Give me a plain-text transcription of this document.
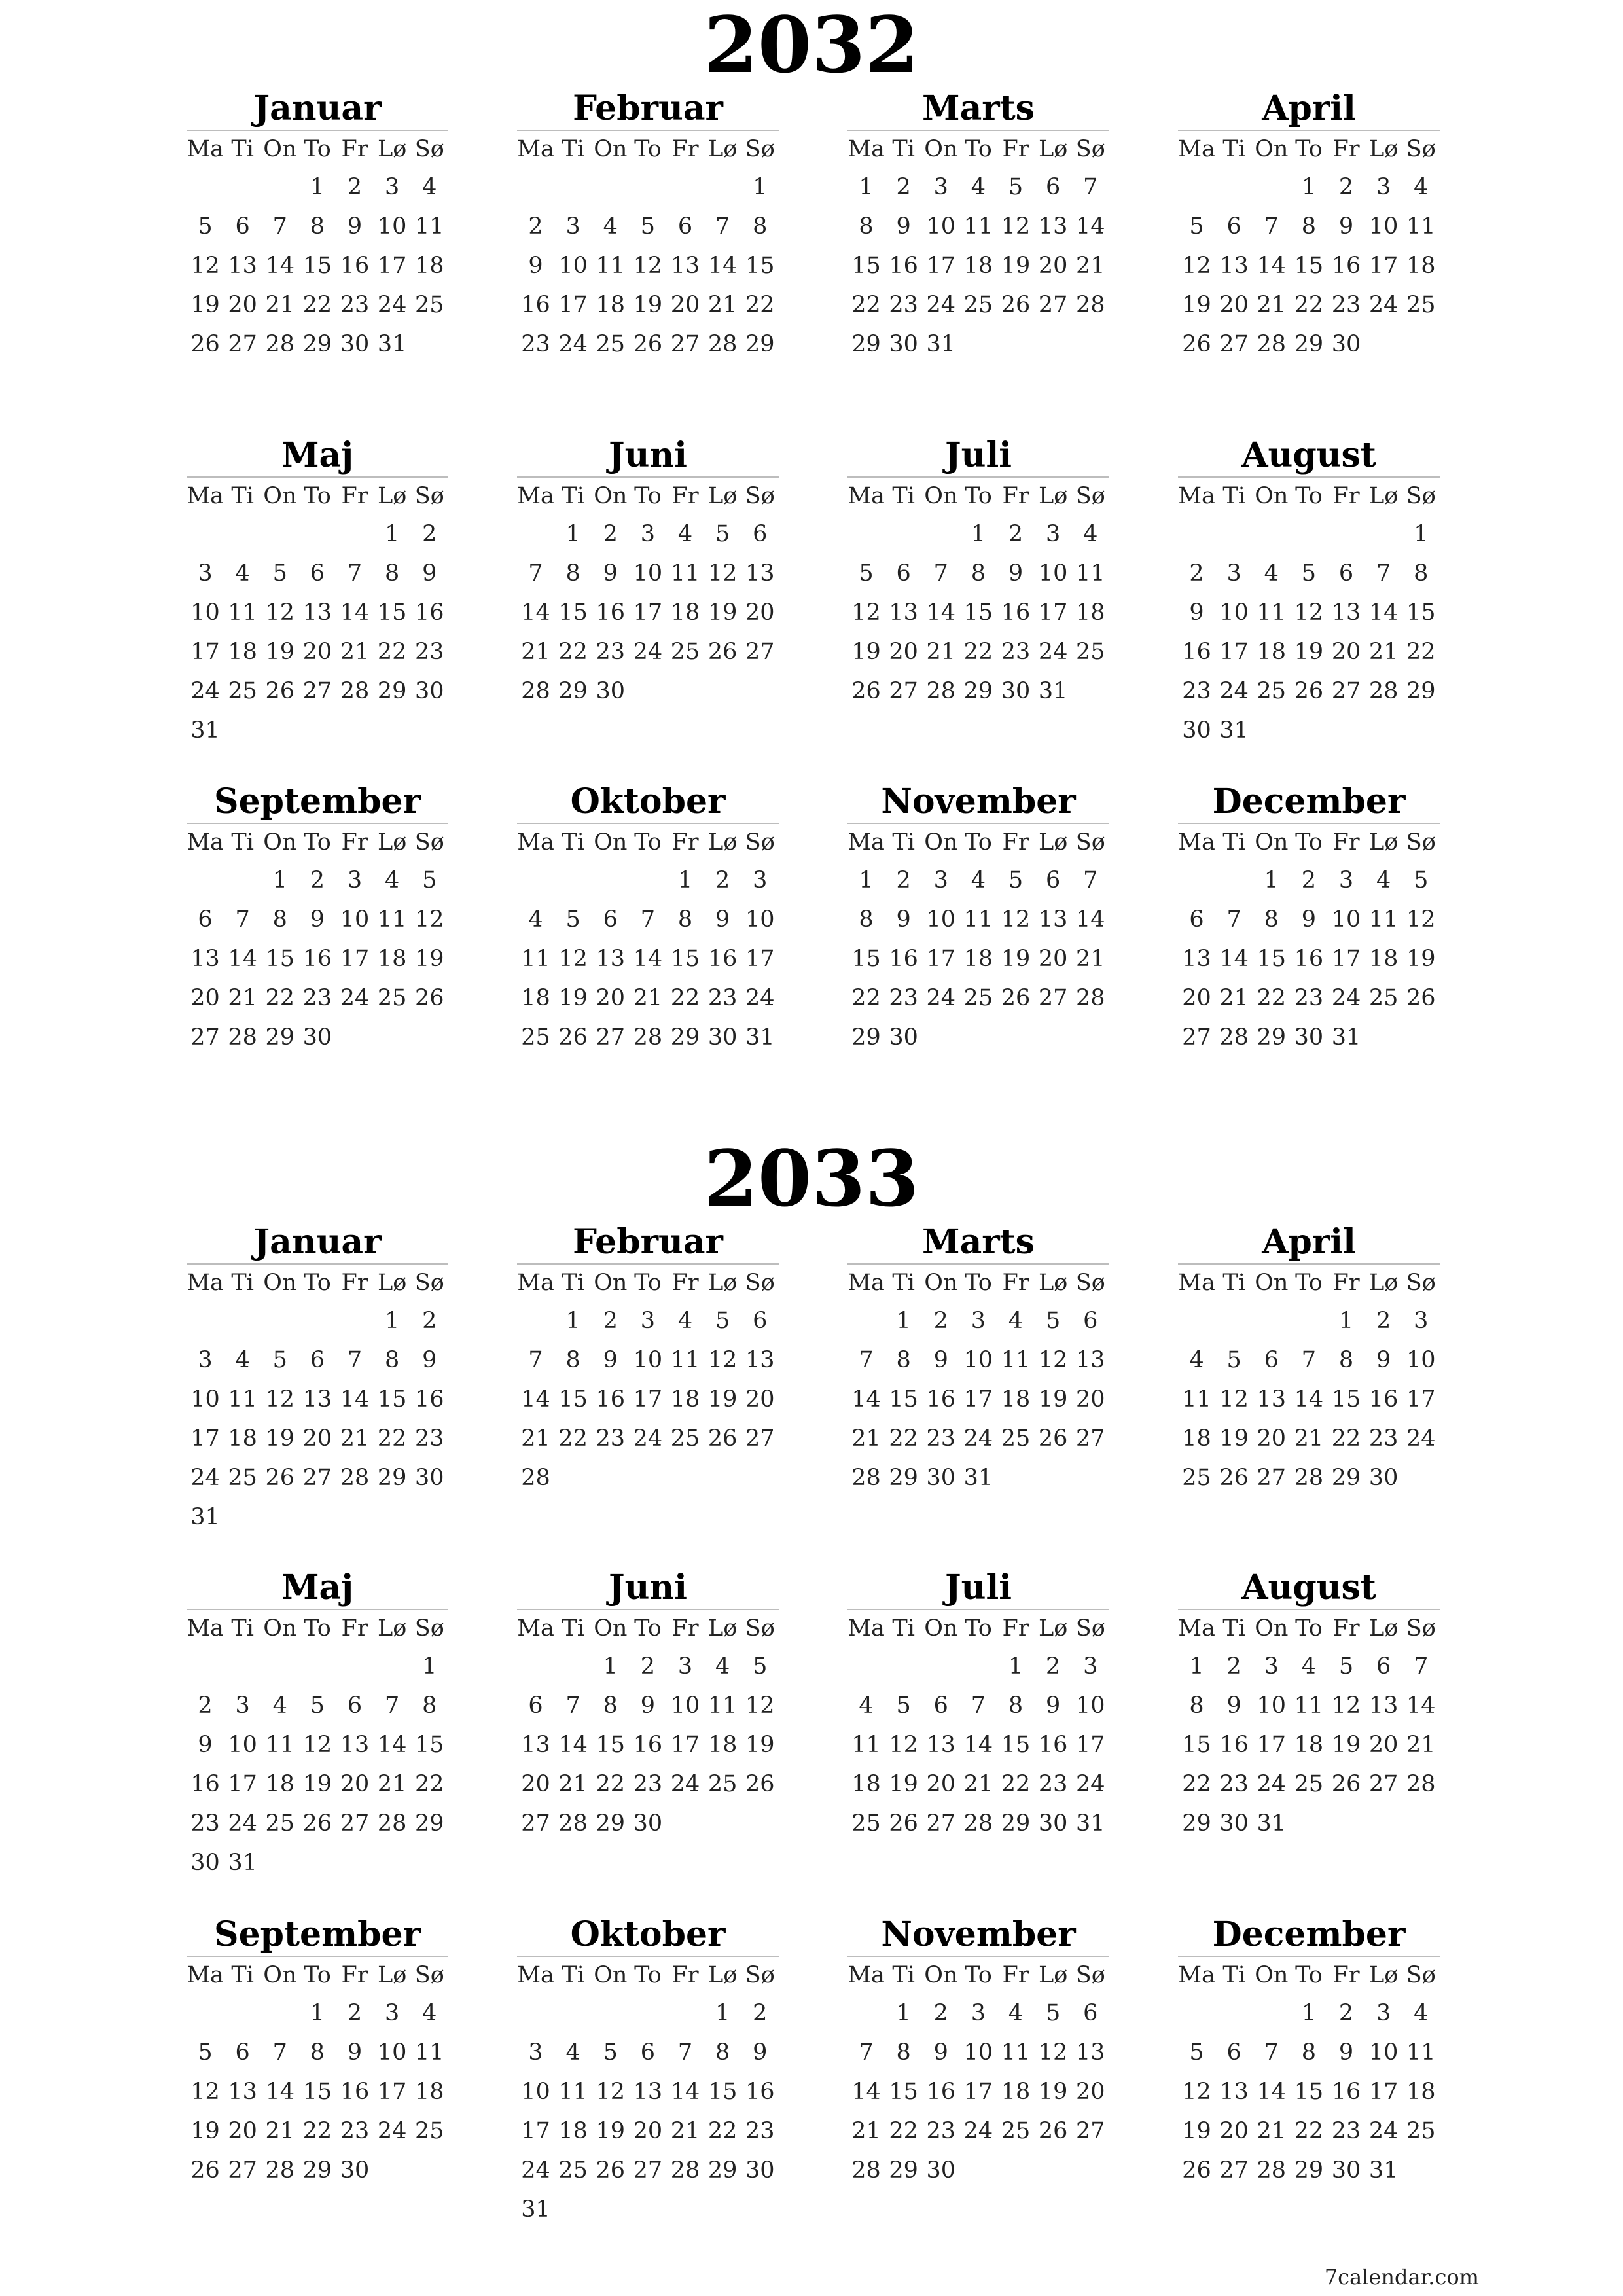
2032
Januar
Ma Ti On To Fr Lø Sø
1 2 3 4
5 6 7 8 9 10 11
12 13 14 15 16 17 18
19 20 21 22 23 24 25
26 27 28 29 30 31
Februar
Ma Ti On To Fr Lø Sø
1
2 3 4 5 6 7 8
9 10 11 12 13 14 15
16 17 18 19 20 21 22
23 24 25 26 27 28 29
Marts
Ma Ti On To Fr Lø Sø
1 2 3 4 5 6 7
8 9 10 11 12 13 14
15 16 17 18 19 20 21
22 23 24 25 26 27 28
29 30 31
April
Ma Ti On To Fr Lø Sø
1 2 3 4
5 6 7 8 9 10 11
12 13 14 15 16 17 18
19 20 21 22 23 24 25
26 27 28 29 30
Maj
Ma Ti On To Fr Lø Sø
1 2
3 4 5 6 7 8 9
10 11 12 13 14 15 16
17 18 19 20 21 22 23
24 25 26 27 28 29 30
31
Juni
Ma Ti On To Fr Lø Sø
1 2 3 4 5 6
7 8 9 10 11 12 13
14 15 16 17 18 19 20
21 22 23 24 25 26 27
28 29 30
Juli
Ma Ti On To Fr Lø Sø
1 2 3 4
5 6 7 8 9 10 11
12 13 14 15 16 17 18
19 20 21 22 23 24 25
26 27 28 29 30 31
August
Ma Ti On To Fr Lø Sø
1
2 3 4 5 6 7 8
9 10 11 12 13 14 15
16 17 18 19 20 21 22
23 24 25 26 27 28 29
30 31
September
Ma Ti On To Fr Lø Sø
1 2 3 4 5
6 7 8 9 10 11 12
13 14 15 16 17 18 19
20 21 22 23 24 25 26
27 28 29 30
Oktober
Ma Ti On To Fr Lø Sø
1 2 3
4 5 6 7 8 9 10
11 12 13 14 15 16 17
18 19 20 21 22 23 24
25 26 27 28 29 30 31
November
Ma Ti On To Fr Lø Sø
1 2 3 4 5 6 7
8 9 10 11 12 13 14
15 16 17 18 19 20 21
22 23 24 25 26 27 28
29 30
December
Ma Ti On To Fr Lø Sø
1 2 3 4 5
6 7 8 9 10 11 12
13 14 15 16 17 18 19
20 21 22 23 24 25 26
27 28 29 30 31
2033
Januar
Ma Ti On To Fr Lø Sø
1 2
3 4 5 6 7 8 9
10 11 12 13 14 15 16
17 18 19 20 21 22 23
24 25 26 27 28 29 30
31
Februar
Ma Ti On To Fr Lø Sø
1 2 3 4 5 6
7 8 9 10 11 12 13
14 15 16 17 18 19 20
21 22 23 24 25 26 27
28
Marts
Ma Ti On To Fr Lø Sø
1 2 3 4 5 6
7 8 9 10 11 12 13
14 15 16 17 18 19 20
21 22 23 24 25 26 27
28 29 30 31
April
Ma Ti On To Fr Lø Sø
1 2 3
4 5 6 7 8 9 10
11 12 13 14 15 16 17
18 19 20 21 22 23 24
25 26 27 28 29 30
Maj
Ma Ti On To Fr Lø Sø
1
2 3 4 5 6 7 8
9 10 11 12 13 14 15
16 17 18 19 20 21 22
23 24 25 26 27 28 29
30 31
Juni
Ma Ti On To Fr Lø Sø
1 2 3 4 5
6 7 8 9 10 11 12
13 14 15 16 17 18 19
20 21 22 23 24 25 26
27 28 29 30
Juli
Ma Ti On To Fr Lø Sø
1 2 3
4 5 6 7 8 9 10
11 12 13 14 15 16 17
18 19 20 21 22 23 24
25 26 27 28 29 30 31
August
Ma Ti On To Fr Lø Sø
1 2 3 4 5 6 7
8 9 10 11 12 13 14
15 16 17 18 19 20 21
22 23 24 25 26 27 28
29 30 31
September
Ma Ti On To Fr Lø Sø
1 2 3 4
5 6 7 8 9 10 11
12 13 14 15 16 17 18
19 20 21 22 23 24 25
26 27 28 29 30
Oktober
Ma Ti On To Fr Lø Sø
1 2
3 4 5 6 7 8 9
10 11 12 13 14 15 16
17 18 19 20 21 22 23
24 25 26 27 28 29 30
31
November
Ma Ti On To Fr Lø Sø
1 2 3 4 5 6
7 8 9 10 11 12 13
14 15 16 17 18 19 20
21 22 23 24 25 26 27
28 29 30
December
Ma Ti On To Fr Lø Sø
1 2 3 4
5 6 7 8 9 10 11
12 13 14 15 16 17 18
19 20 21 22 23 24 25
26 27 28 29 30 31
7calendar.com
